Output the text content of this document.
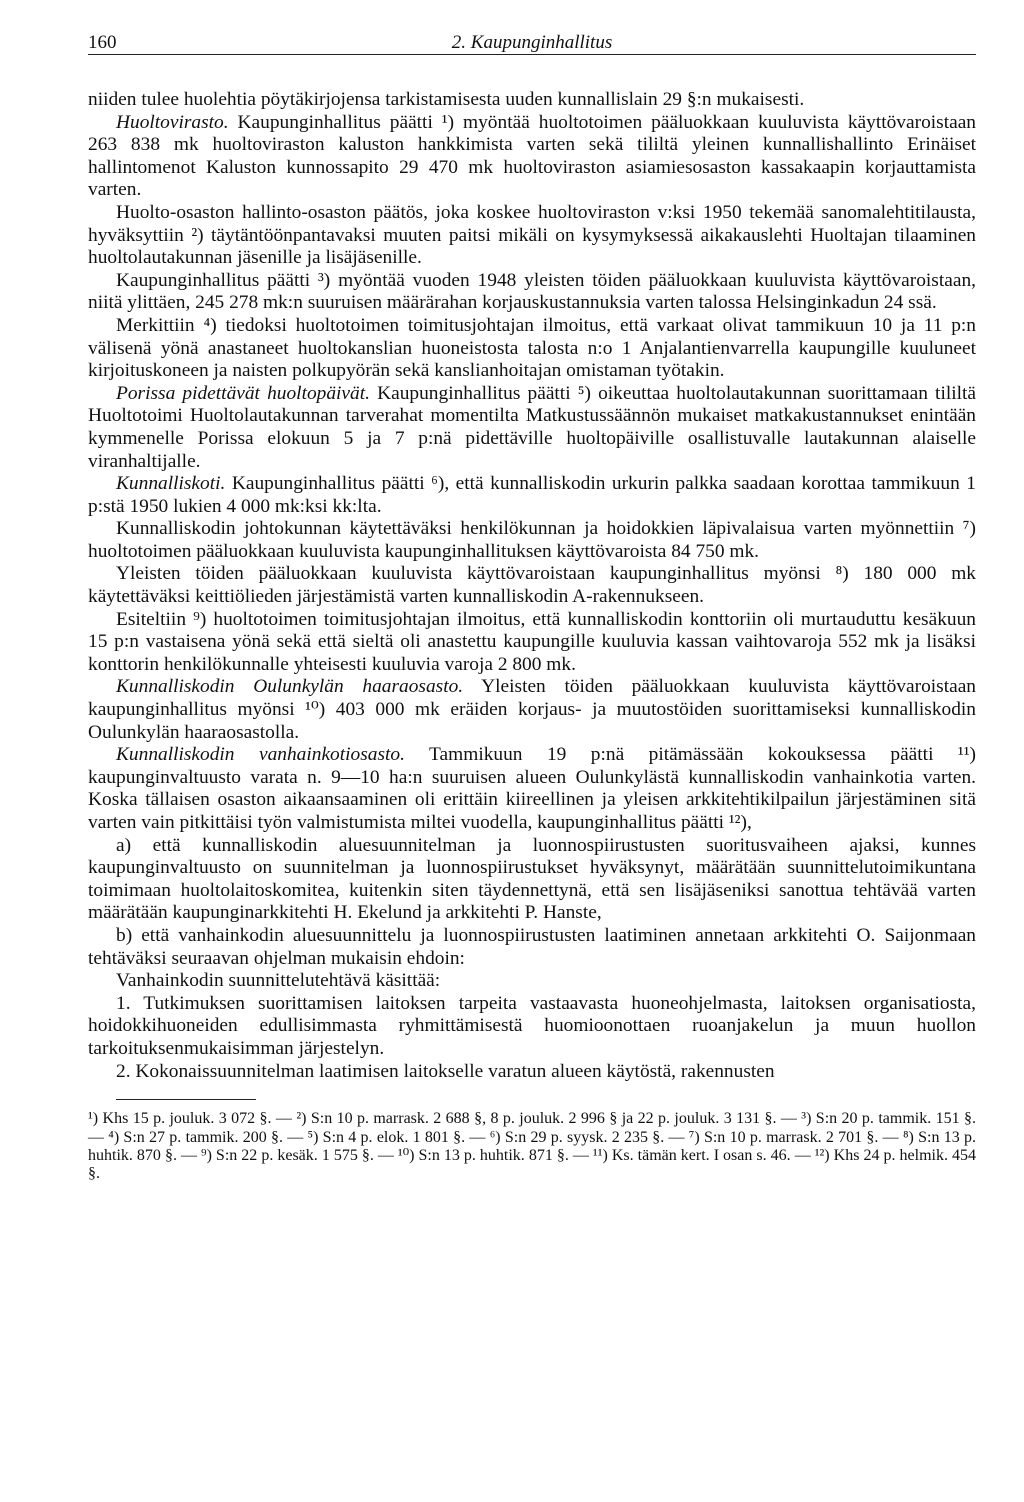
160	2. Kaupunginhallitus

niiden tulee huolehtia pöytäkirjojensa tarkistamisesta uuden kunnallislain 29 §:n mukaisesti.

Huoltovirasto. Kaupunginhallitus päätti ¹) myöntää huoltotoimen pääluokkaan kuuluvista käyttövaroistaan 263 838 mk huoltoviraston kaluston hankkimista varten sekä tililtä yleinen kunnallishallinto Erinäiset hallintomenot Kaluston kunnossapito 29 470 mk huoltoviraston asiamiesosaston kassakaapin korjauttamista varten.

Huolto-osaston hallinto-osaston päätös, joka koskee huoltoviraston v:ksi 1950 tekemää sanomalehtitilausta, hyväksyttiin ²) täytäntöönpantavaksi muuten paitsi mikäli on kysymyksessä aikakauslehti Huoltajan tilaaminen huoltolautakunnan jäsenille ja lisäjäsenille.

Kaupunginhallitus päätti ³) myöntää vuoden 1948 yleisten töiden pääluokkaan kuuluvista käyttövaroistaan, niitä ylittäen, 245 278 mk:n suuruisen määrärahan korjauskustannuksia varten talossa Helsinginkadun 24 ssä.

Merkittiin ⁴) tiedoksi huoltotoimen toimitusjohtajan ilmoitus, että varkaat olivat tammikuun 10 ja 11 p:n välisenä yönä anastaneet huoltokanslian huoneistosta talosta n:o 1 Anjalantienvarrella kaupungille kuuluneet kirjoituskoneen ja naisten polkupyörän sekä kanslianhoitajan omistaman työtakin.

Porissa pidettävät huoltopäivät. Kaupunginhallitus päätti ⁵) oikeuttaa huoltolautakunnan suorittamaan tililtä Huoltotoimi Huoltolautakunnan tarverahat momentilta Matkustussäännön mukaiset matkakustannukset enintään kymmenelle Porissa elokuun 5 ja 7 p:nä pidettäville huoltopäiville osallistuvalle lautakunnan alaiselle viranhaltijalle.

Kunnalliskoti. Kaupunginhallitus päätti ⁶), että kunnalliskodin urkurin palkka saadaan korottaa tammikuun 1 p:stä 1950 lukien 4 000 mk:ksi kk:lta.

Kunnalliskodin johtokunnan käytettäväksi henkilökunnan ja hoidokkien läpivalaisua varten myönnettiin ⁷) huoltotoimen pääluokkaan kuuluvista kaupunginhallituksen käyttövaroista 84 750 mk.

Yleisten töiden pääluokkaan kuuluvista käyttövaroistaan kaupunginhallitus myönsi ⁸) 180 000 mk käytettäväksi keittiölieden järjestämistä varten kunnalliskodin A-rakennukseen.

Esiteltiin ⁹) huoltotoimen toimitusjohtajan ilmoitus, että kunnalliskodin konttoriin oli murtauduttu kesäkuun 15 p:n vastaisena yönä sekä että sieltä oli anastettu kaupungille kuuluvia kassan vaihtovaroja 552 mk ja lisäksi konttorin henkilökunnalle yhteisesti kuuluvia varoja 2 800 mk.

Kunnalliskodin Oulunkylän haaraosasto. Yleisten töiden pääluokkaan kuuluvista käyttövaroistaan kaupunginhallitus myönsi ¹⁰) 403 000 mk eräiden korjaus- ja muutostöiden suorittamiseksi kunnalliskodin Oulunkylän haaraosastolla.

Kunnalliskodin vanhainkotiosasto. Tammikuun 19 p:nä pitämässään kokouksessa päätti ¹¹) kaupunginvaltuusto varata n. 9—10 ha:n suuruisen alueen Oulunkylästä kunnalliskodin vanhainkotia varten. Koska tällaisen osaston aikaansaaminen oli erittäin kiireellinen ja yleisen arkkitehtikilpailun järjestäminen sitä varten vain pitkittäisi työn valmistumista miltei vuodella, kaupunginhallitus päätti ¹²),

a) että kunnalliskodin aluesuunnitelman ja luonnospiirustusten suoritusvaiheen ajaksi, kunnes kaupunginvaltuusto on suunnitelman ja luonnospiirustukset hyväksynyt, määrätään suunnittelutoimikuntana toimimaan huoltolaitoskomitea, kuitenkin siten täydennettynä, että sen lisäjäseniksi sanottua tehtävää varten määrätään kaupunginarkkitehti H. Ekelund ja arkkitehti P. Hanste,

b) että vanhainkodin aluesuunnittelu ja luonnospiirustusten laatiminen annetaan arkkitehti O. Saijonmaan tehtäväksi seuraavan ohjelman mukaisin ehdoin:

Vanhainkodin suunnittelutehtävä käsittää:

1. Tutkimuksen suorittamisen laitoksen tarpeita vastaavasta huoneohjelmasta, laitoksen organisatiosta, hoidokkihuoneiden edullisimmasta ryhmittämisestä huomioonottaen ruoanjakelun ja muun huollon tarkoituksenmukaisimman järjestelyn.

2. Kokonaissuunnitelman laatimisen laitokselle varatun alueen käytöstä, rakennusten

¹) Khs 15 p. jouluk. 3 072 §. — ²) S:n 10 p. marrask. 2 688 §, 8 p. jouluk. 2 996 § ja 22 p. jouluk. 3 131 §. — ³) S:n 20 p. tammik. 151 §. — ⁴) S:n 27 p. tammik. 200 §. — ⁵) S:n 4 p. elok. 1 801 §. — ⁶) S:n 29 p. syysk. 2 235 §. — ⁷) S:n 10 p. marrask. 2 701 §. — ⁸) S:n 13 p. huhtik. 870 §. — ⁹) S:n 22 p. kesäk. 1 575 §. — ¹⁰) S:n 13 p. huhtik. 871 §. — ¹¹) Ks. tämän kert. I osan s. 46. — ¹²) Khs 24 p. helmik. 454 §.
